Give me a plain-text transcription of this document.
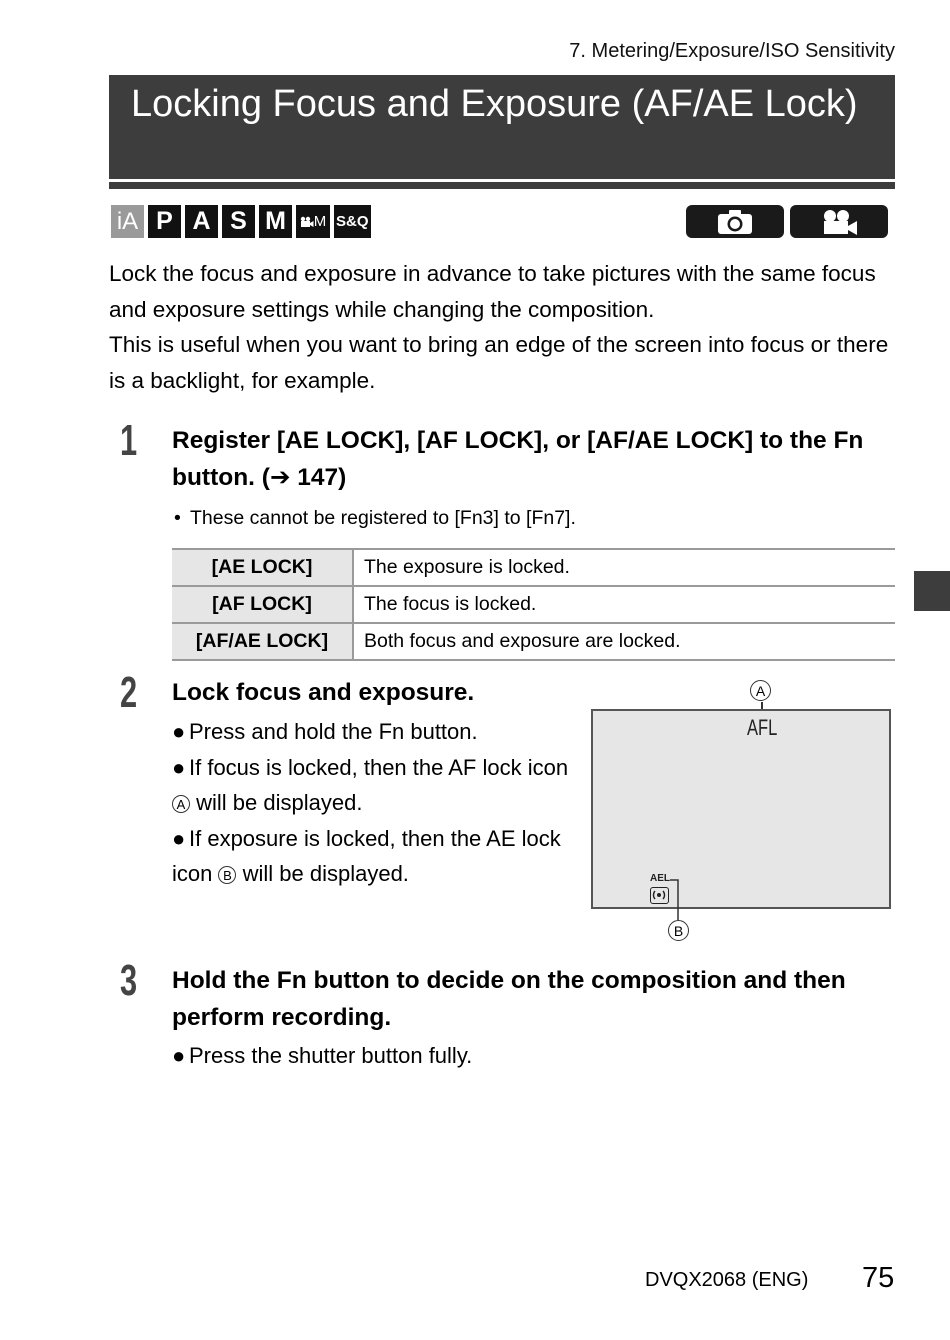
7. Metering/Exposure/ISO Sensitivity
Locking Focus and Exposure (AF/AE Lock)
iA P A S M	M S&Q
Lock the focus and exposure in advance to take pictures with the same focus and exposure settings while changing the composition.
This is useful when you want to bring an edge of the screen into focus or there is a backlight, for example.
1 Register [AE LOCK], [AF LOCK], or [AF/AE LOCK] to the Fn button. (➔ 147)
• These cannot be registered to [Fn3] to [Fn7].
[AE LOCK]	The exposure is locked.
[AF LOCK]	The focus is locked.
[AF/AE LOCK]	Both focus and exposure are locked.
2 Lock focus and exposure.
● Press and hold the Fn button.
● If focus is locked, then the AF lock icon A will be displayed.
● If exposure is locked, then the AE lock icon B will be displayed.
A
AFL
AEL
B
3 Hold the Fn button to decide on the composition and then perform recording.
● Press the shutter button fully.
DVQX2068 (ENG) 75
